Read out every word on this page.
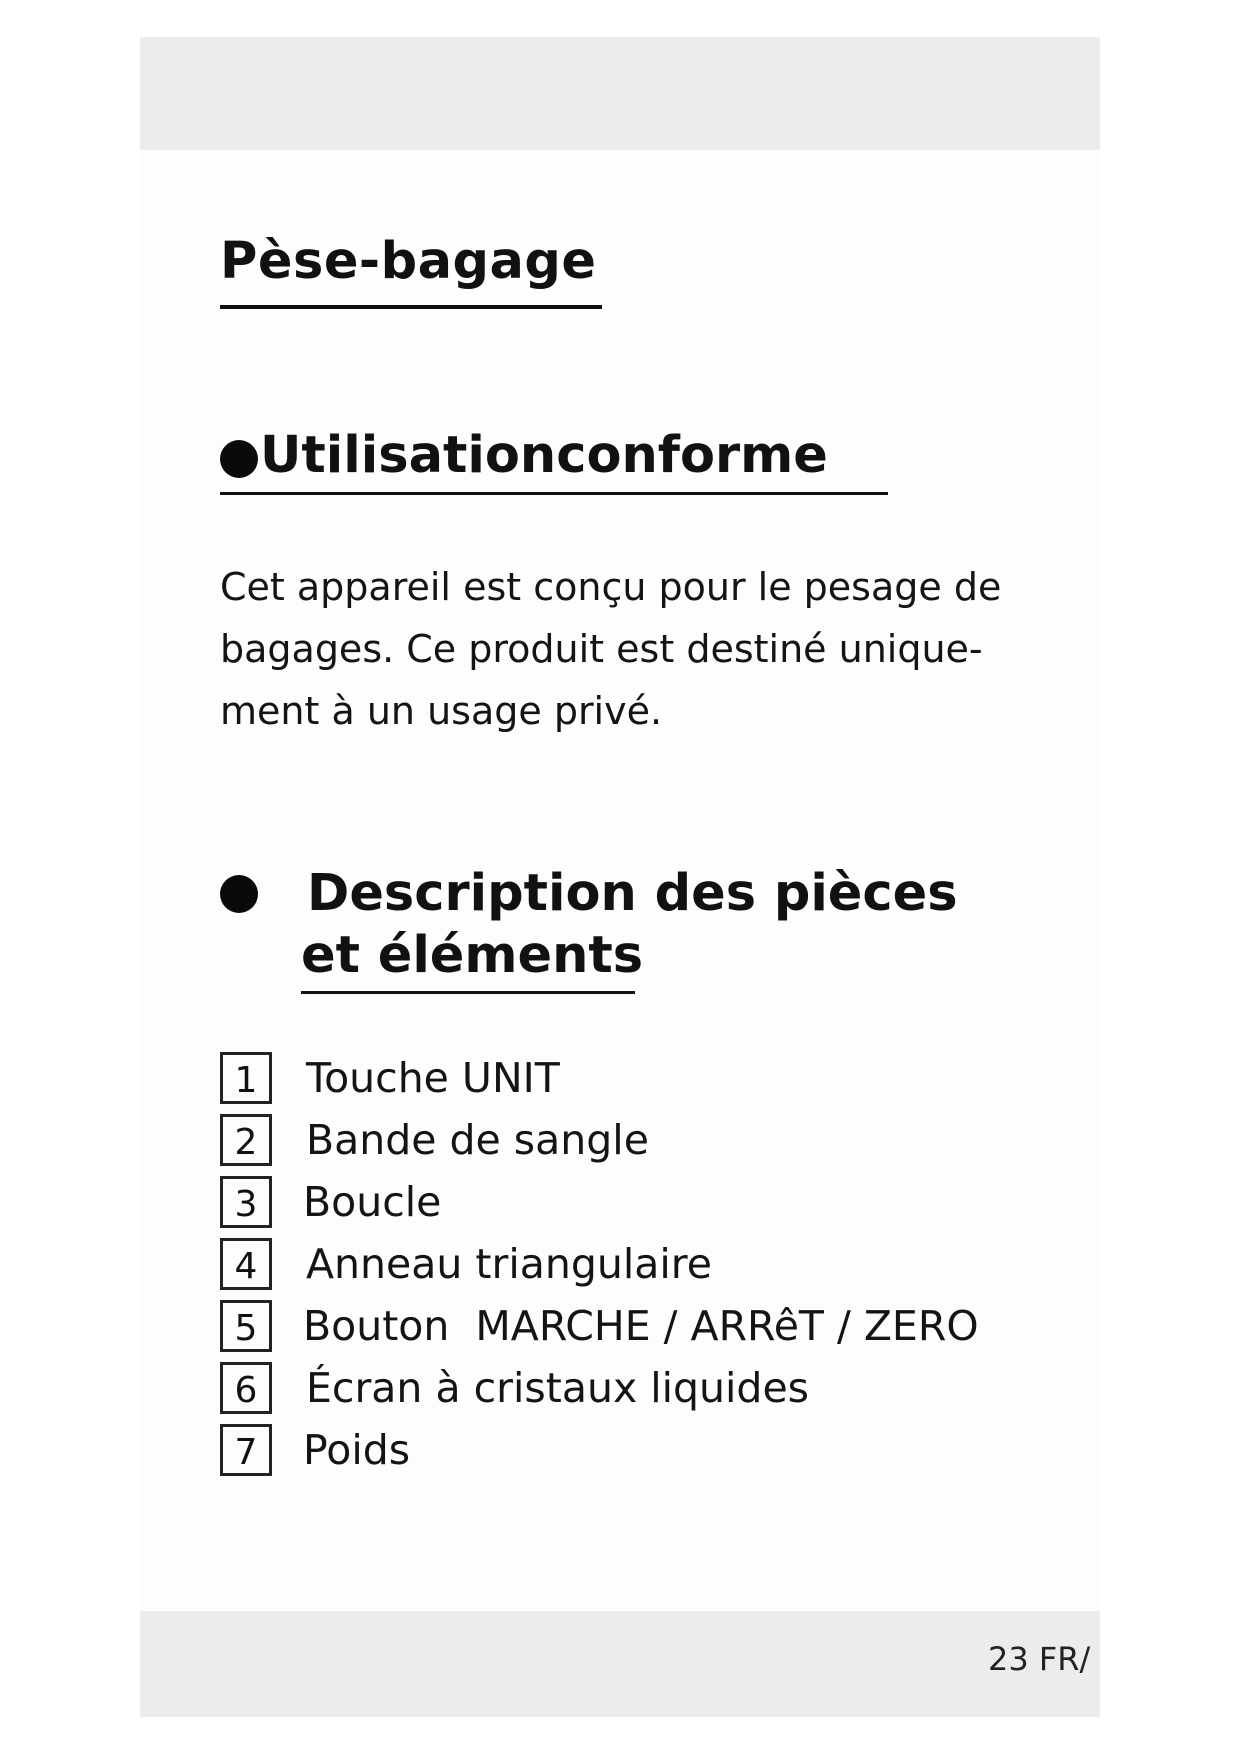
Pèse-bagage
Utilisationconforme
Cet appareil est conçu pour le pesage de
bagages. Ce produit est destiné unique-
ment à un usage privé.
Description des pièces
et éléments
1	Touche UNIT
2	Bande de sangle
3	Boucle
4	Anneau triangulaire
5	Bouton  MARCHE / ARRêT / ZERO
6	Écran à cristaux liquides
7	Poids
23 FR/
